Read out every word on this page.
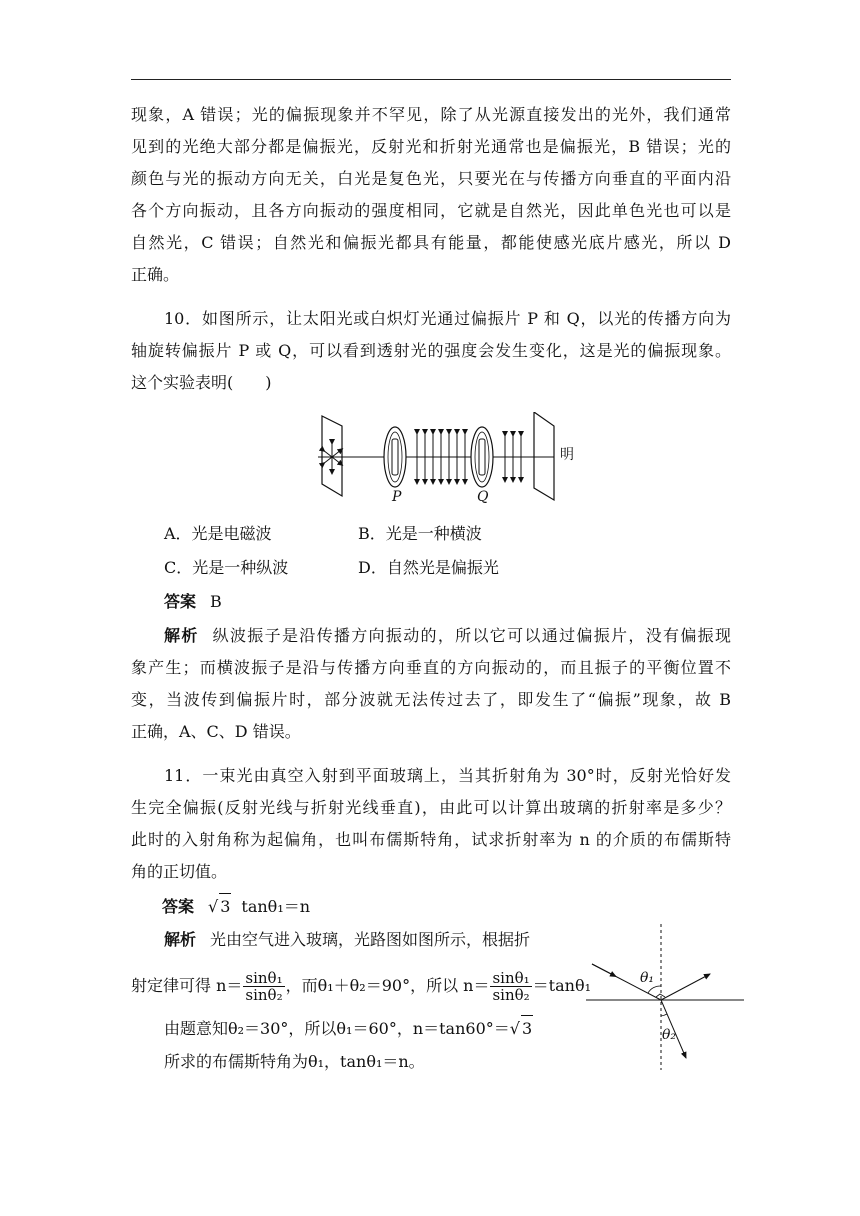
现象，A 错误；光的偏振现象并不罕见，除了从光源直接发出的光外，我们通常
见到的光绝大部分都是偏振光，反射光和折射光通常也是偏振光，B 错误；光的
颜色与光的振动方向无关，白光是复色光，只要光在与传播方向垂直的平面内沿
各个方向振动，且各方向振动的强度相同，它就是自然光，因此单色光也可以是
自然光，C 错误；自然光和偏振光都具有能量，都能使感光底片感光，所以 D
正确。
10．如图所示，让太阳光或白炽灯光通过偏振片 P 和 Q，以光的传播方向为
轴旋转偏振片 P 或 Q，可以看到透射光的强度会发生变化，这是光的偏振现象。
这个实验表明(　　)
P	Q
明
A．光是电磁波	B．光是一种横波
C．光是一种纵波	D．自然光是偏振光
答案 B
解析 纵波振子是沿传播方向振动的，所以它可以通过偏振片，没有偏振现
象产生；而横波振子是沿与传播方向垂直的方向振动的，而且振子的平衡位置不
变，当波传到偏振片时，部分波就无法传过去了，即发生了“偏振”现象，故 B
正确，A、C、D 错误。
11．一束光由真空入射到平面玻璃上，当其折射角为 30°时，反射光恰好发
生完全偏振(反射光线与折射光线垂直)，由此可以计算出玻璃的折射率是多少？
此时的入射角称为起偏角，也叫布儒斯特角，试求折射率为 n 的介质的布儒斯特
角的正切值。
答案 √ 3 tanθ₁＝n
解析 光由空气进入玻璃，光路图如图所示，根据折
射定律可得 $n= \frac{\text{sinθ₁}}{\text{sinθ₂}}$ ，而θ₁＋θ₂＝90°，所以 $n= \frac{\text{sinθ₁}}{\text{sinθ₂}} =\tan\theta_1$
由题意知θ₂＝30°，所以θ₁＝60°，n＝tan60°＝√ 3
所求的布儒斯特角为θ₁，tanθ₁＝n。
θ₁
θ₂
